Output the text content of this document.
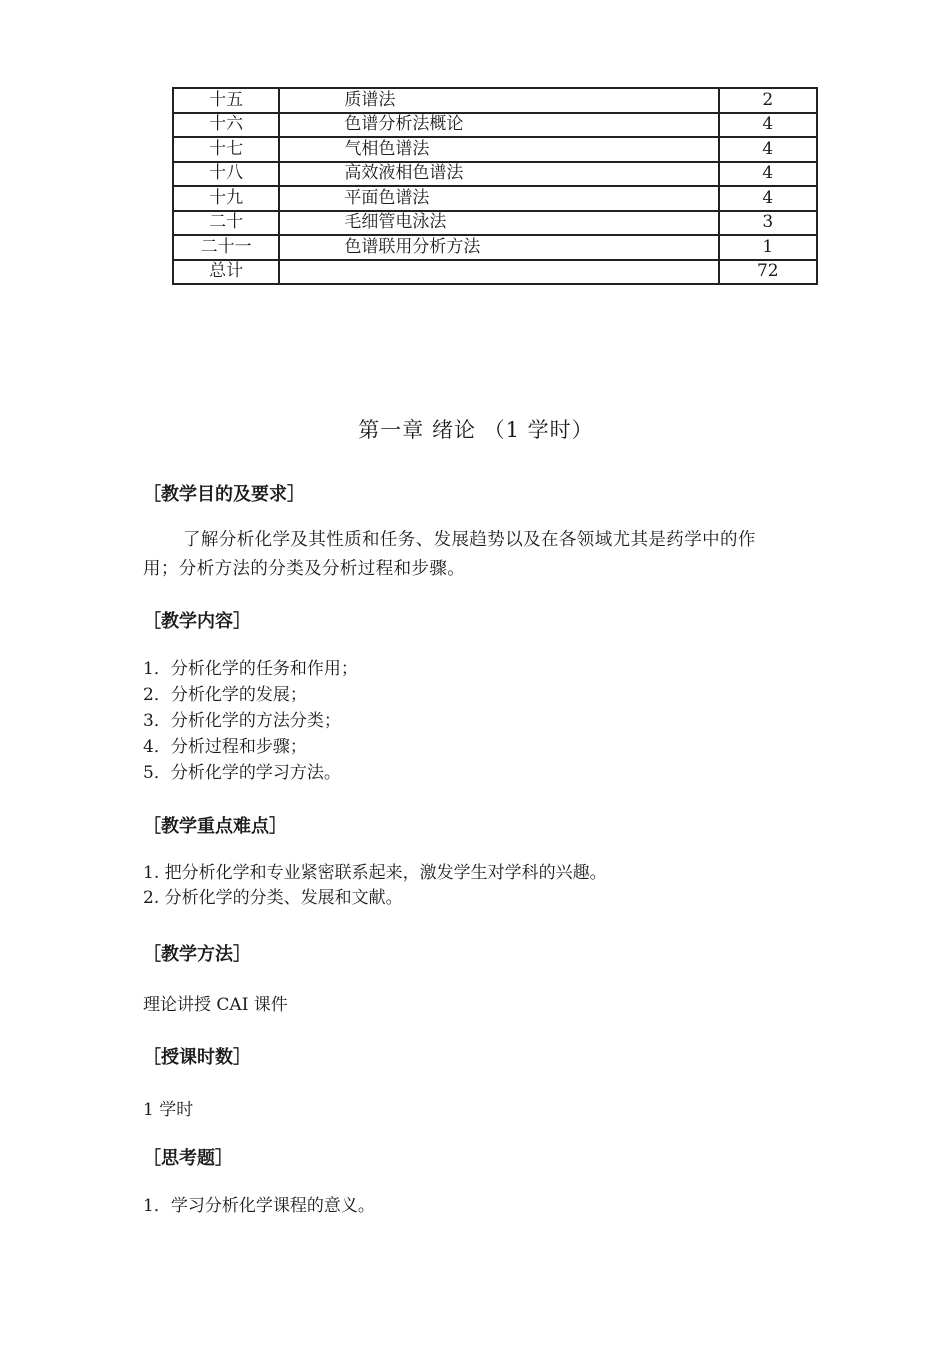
十五	质谱法	2
十六	色谱分析法概论	4
十七	气相色谱法	4
十八	高效液相色谱法	4
十九	平面色谱法	4
二十	毛细管电泳法	3
二十一	色谱联用分析方法	1
总计		72
第一章 绪论 （1 学时）
［教学目的及要求］
了解分析化学及其性质和任务、发展趋势以及在各领域尤其是药学中的作
用；分析方法的分类及分析过程和步骤。
［教学内容］
1．分析化学的任务和作用；
2．分析化学的发展；
3．分析化学的方法分类；
4．分析过程和步骤；
5．分析化学的学习方法。
［教学重点难点］
1. 把分析化学和专业紧密联系起来，激发学生对学科的兴趣。
2. 分析化学的分类、发展和文献。
［教学方法］
理论讲授 CAI 课件
［授课时数］
1 学时
［思考题］
1．学习分析化学课程的意义。
